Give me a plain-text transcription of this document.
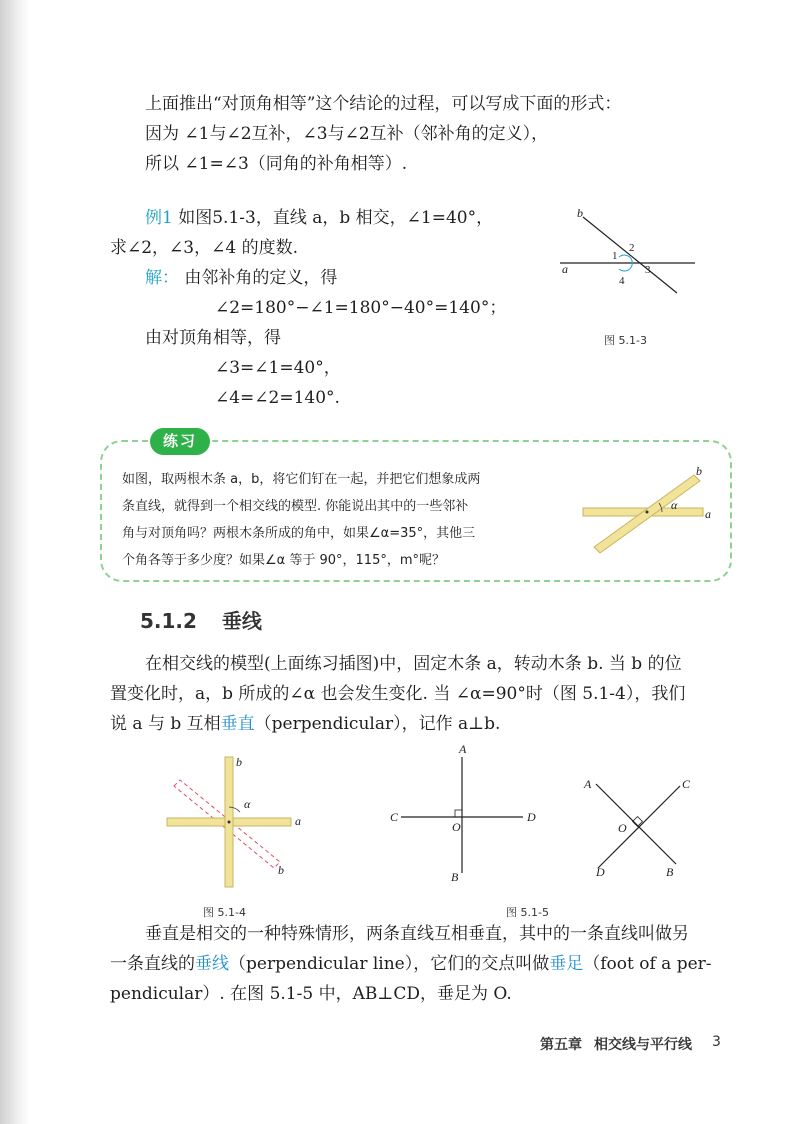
上面推出“对顶角相等”这个结论的过程，可以写成下面的形式：
因为 ∠1与∠2互补，∠3与∠2互补（邻补角的定义），
所以 ∠1=∠3（同角的补角相等）.
例1 如图5.1-3，直线 a，b 相交，∠1=40°，
求∠2，∠3，∠4 的度数.
解： 由邻补角的定义，得
∠2=180°−∠1=180°−40°=140°；
由对顶角相等，得
∠3=∠1=40°，
∠4=∠2=140°.
a
b
1
2
3
4
图 5.1-3
练习
如图，取两根木条 a，b，将它们钉在一起，并把它们想象成两
条直线，就得到一个相交线的模型. 你能说出其中的一些邻补
角与对顶角吗？两根木条所成的角中，如果∠α=35°，其他三
个角各等于多少度？如果∠α 等于 90°，115°，m°呢？
α
a
b
5.1.2 垂线
在相交线的模型(上面练习插图)中，固定木条 a，转动木条 b. 当 b 的位
置变化时，a，b 所成的∠α 也会发生变化. 当 ∠α=90°时（图 5.1-4），我们
说 a 与 b 互相垂直（perpendicular），记作 a⊥b.
α
a
b
b
图 5.1-4
A
B
C	D
O
图 5.1-5
A
B
C
D
O
垂直是相交的一种特殊情形，两条直线互相垂直，其中的一条直线叫做另
一条直线的垂线（perpendicular line），它们的交点叫做垂足（foot of a per-
pendicular）. 在图 5.1-5 中，AB⊥CD，垂足为 O.
第五章 相交线与平行线 3
